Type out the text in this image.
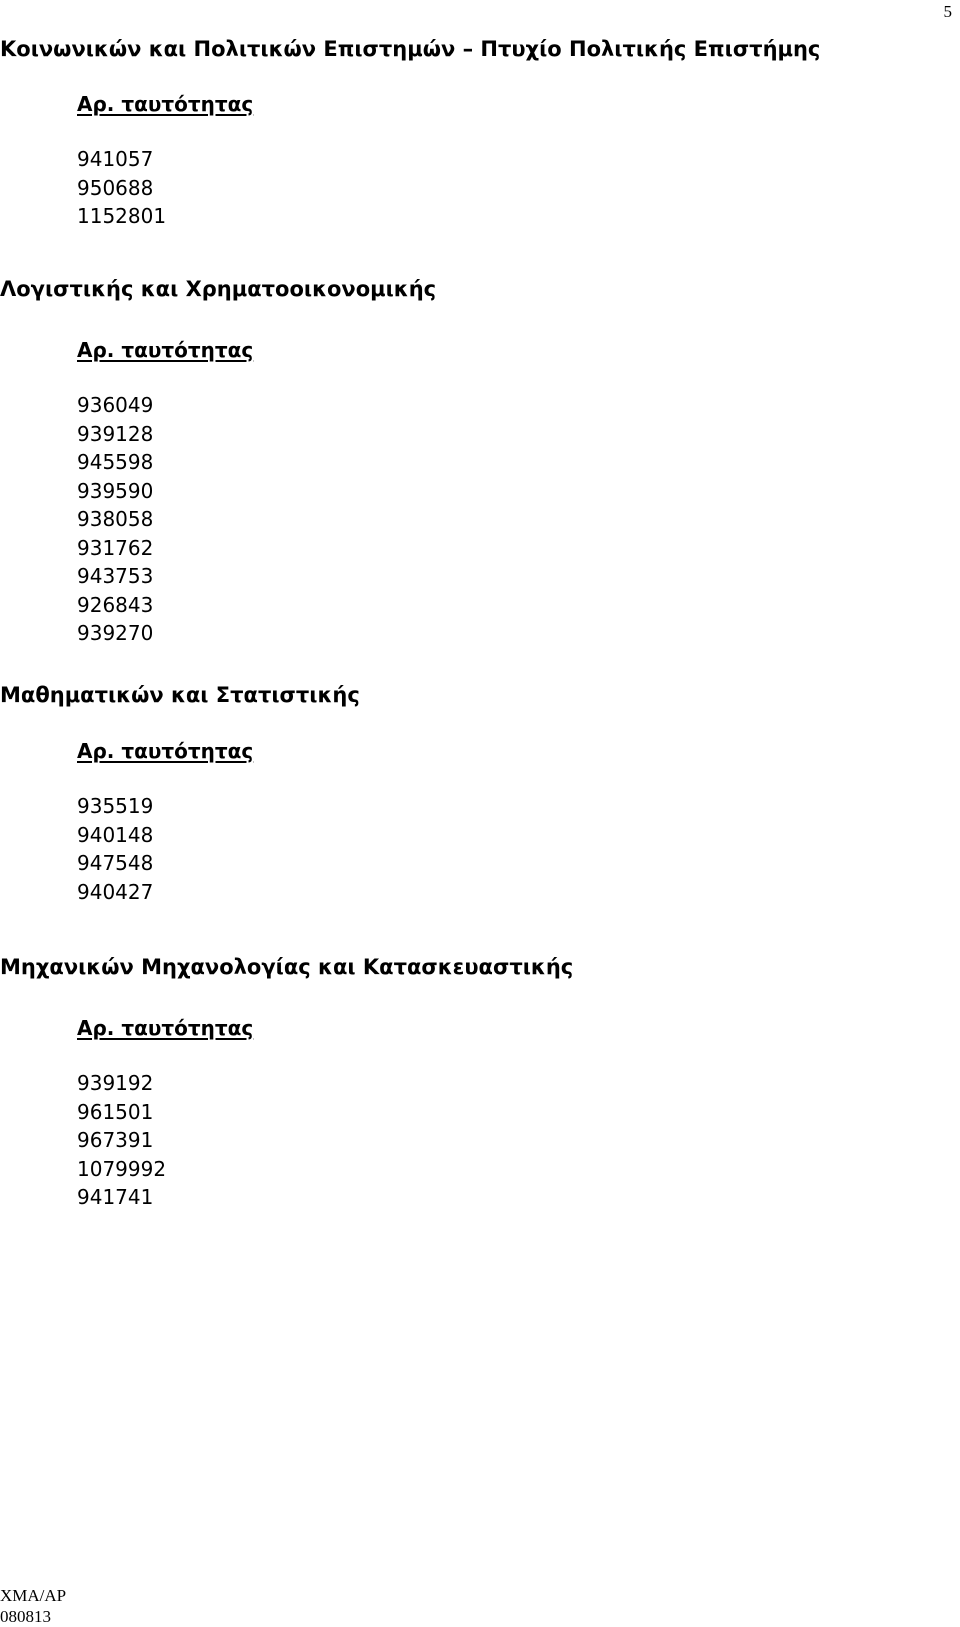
5
Κοινωνικών και Πολιτικών Επιστημών – Πτυχίο Πολιτικής Επιστήμης
Αρ. ταυτότητας
941057
950688
1152801
Λογιστικής και Χρηματοοικονομικής
Αρ. ταυτότητας
936049
939128
945598
939590
938058
931762
943753
926843
939270
Μαθηματικών και Στατιστικής
Αρ. ταυτότητας
935519
940148
947548
940427
Μηχανικών Μηχανολογίας και Κατασκευαστικής
Αρ. ταυτότητας
939192
961501
967391
1079992
941741
ΧΜΑ/ΑΡ
080813
